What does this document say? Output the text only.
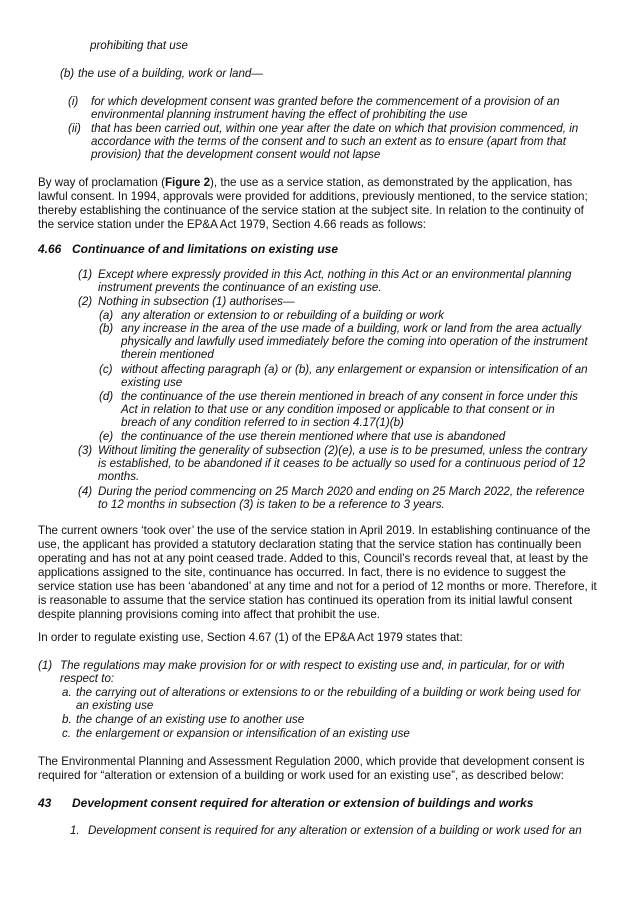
prohibiting that use
(b) the use of a building, work or land—
(i) for which development consent was granted before the commencement of a provision of an
environmental planning instrument having the effect of prohibiting the use
(ii) that has been carried out, within one year after the date on which that provision commenced, in
accordance with the terms of the consent and to such an extent as to ensure (apart from that
provision) that the development consent would not lapse
By way of proclamation (Figure 2), the use as a service station, as demonstrated by the application, has lawful consent. In 1994, approvals were provided for additions, previously mentioned, to the service station; thereby establishing the continuance of the service station at the subject site. In relation to the continuity of the service station under the EP&A Act 1979, Section 4.66 reads as follows:
4.66 Continuance of and limitations on existing use
(1) Except where expressly provided in this Act, nothing in this Act or an environmental planning
instrument prevents the continuance of an existing use.
(2) Nothing in subsection (1) authorises—
(a) any alteration or extension to or rebuilding of a building or work
(b) any increase in the area of the use made of a building, work or land from the area actually
physically and lawfully used immediately before the coming into operation of the instrument
therein mentioned
(c) without affecting paragraph (a) or (b), any enlargement or expansion or intensification of an
existing use
(d) the continuance of the use therein mentioned in breach of any consent in force under this
Act in relation to that use or any condition imposed or applicable to that consent or in
breach of any condition referred to in section 4.17(1)(b)
(e) the continuance of the use therein mentioned where that use is abandoned
(3) Without limiting the generality of subsection (2)(e), a use is to be presumed, unless the contrary
is established, to be abandoned if it ceases to be actually so used for a continuous period of 12
months.
(4) During the period commencing on 25 March 2020 and ending on 25 March 2022, the reference
to 12 months in subsection (3) is taken to be a reference to 3 years.
The current owners ‘took over’ the use of the service station in April 2019. In establishing continuance of the use, the applicant has provided a statutory declaration stating that the service station has continually been operating and has not at any point ceased trade. Added to this, Council’s records reveal that, at least by the applications assigned to the site, continuance has occurred. In fact, there is no evidence to suggest the service station use has been ‘abandoned’ at any time and not for a period of 12 months or more. Therefore, it is reasonable to assume that the service station has continued its operation from its initial lawful consent despite planning provisions coming into affect that prohibit the use.
In order to regulate existing use, Section 4.67 (1) of the EP&A Act 1979 states that:
(1) The regulations may make provision for or with respect to existing use and, in particular, for or with
respect to:
a. the carrying out of alterations or extensions to or the rebuilding of a building or work being used for
an existing use
b. the change of an existing use to another use
c. the enlargement or expansion or intensification of an existing use
The Environmental Planning and Assessment Regulation 2000, which provide that development consent is required for “alteration or extension of a building or work used for an existing use”, as described below:
43 Development consent required for alteration or extension of buildings and works
1. Development consent is required for any alteration or extension of a building or work used for an
